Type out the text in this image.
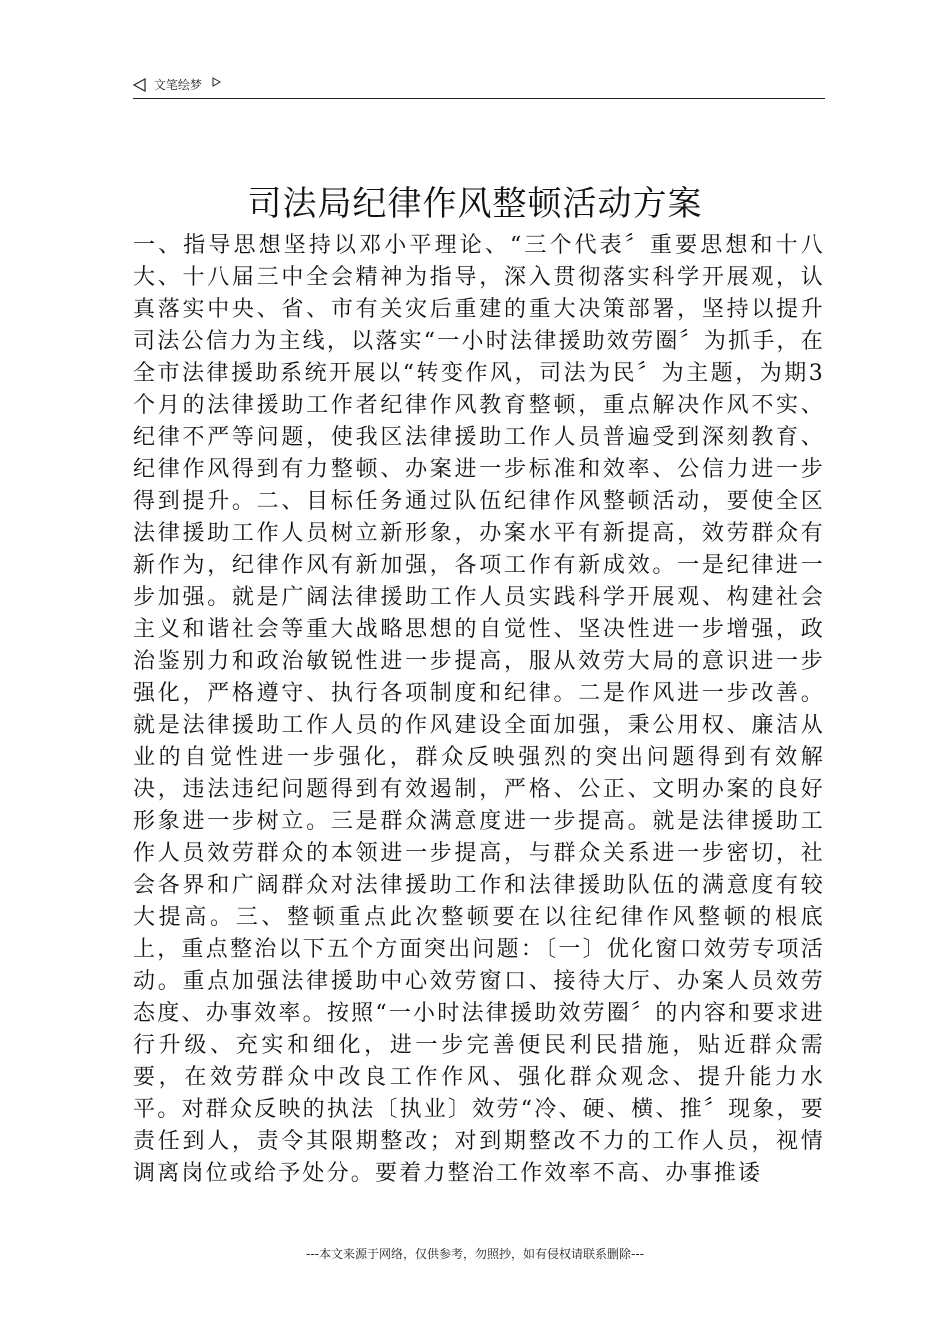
文笔绘梦
司法局纪律作风整顿活动方案

一、指导思想坚持以邓小平理论、“三个代表〞重要思想和十八大、十八届三中全会精神为指导，深入贯彻落实科学开展观，认真落实中央、省、市有关灾后重建的重大决策部署，坚持以提升司法公信力为主线，以落实“一小时法律援助效劳圈〞为抓手，在全市法律援助系统开展以“转变作风，司法为民〞为主题，为期3个月的法律援助工作者纪律作风教育整顿，重点解决作风不实、纪律不严等问题，使我区法律援助工作人员普遍受到深刻教育、纪律作风得到有力整顿、办案进一步标准和效率、公信力进一步得到提升。二、目标任务通过队伍纪律作风整顿活动，要使全区法律援助工作人员树立新形象，办案水平有新提高，效劳群众有新作为，纪律作风有新加强，各项工作有新成效。一是纪律进一步加强。就是广阔法律援助工作人员实践科学开展观、构建社会主义和谐社会等重大战略思想的自觉性、坚决性进一步增强，政治鉴别力和政治敏锐性进一步提高，服从效劳大局的意识进一步强化，严格遵守、执行各项制度和纪律。二是作风进一步改善。就是法律援助工作人员的作风建设全面加强，秉公用权、廉洁从业的自觉性进一步强化，群众反映强烈的突出问题得到有效解决，违法违纪问题得到有效遏制，严格、公正、文明办案的良好形象进一步树立。三是群众满意度进一步提高。就是法律援助工作人员效劳群众的本领进一步提高，与群众关系进一步密切，社会各界和广阔群众对法律援助工作和法律援助队伍的满意度有较大提高。三、整顿重点此次整顿要在以往纪律作风整顿的根底上，重点整治以下五个方面突出问题：〔一〕优化窗口效劳专项活动。重点加强法律援助中心效劳窗口、接待大厅、办案人员效劳态度、办事效率。按照“一小时法律援助效劳圈〞的内容和要求进行升级、充实和细化，进一步完善便民利民措施，贴近群众需要，在效劳群众中改良工作作风、强化群众观念、提升能力水平。对群众反映的执法〔执业〕效劳“冷、硬、横、推〞现象，要责任到人，责令其限期整改；对到期整改不力的工作人员，视情调离岗位或给予处分。要着力整治工作效率不高、办事推诿

---本文来源于网络，仅供参考，勿照抄，如有侵权请联系删除---
